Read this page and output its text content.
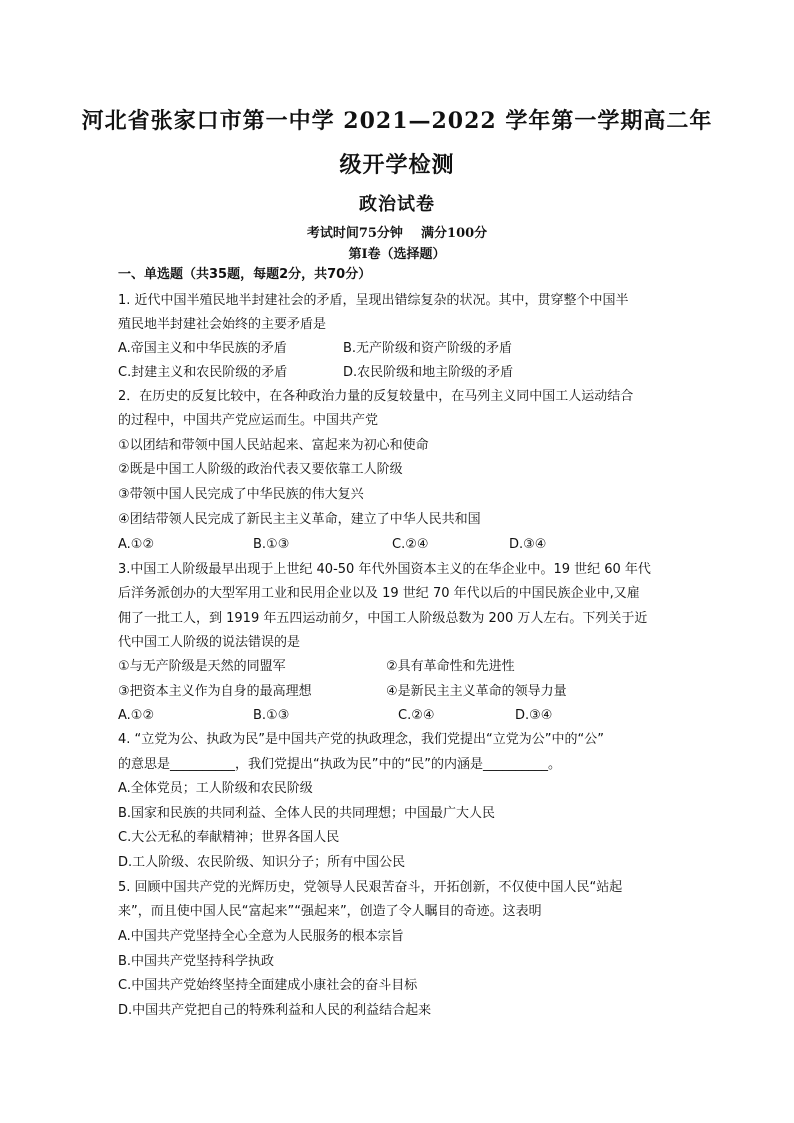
河北省张家口市第一中学 2021—2022 学年第一学期高二年
级开学检测
政治试卷
考试时间75分钟    满分100分
第Ⅰ卷（选择题）
一、单选题（共35题，每题2分，共70分）
1. 近代中国半殖民地半封建社会的矛盾，呈现出错综复杂的状况。其中，贯穿整个中国半
殖民地半封建社会始终的主要矛盾是
A.帝国主义和中华民族的矛盾	B.无产阶级和资产阶级的矛盾
C.封建主义和农民阶级的矛盾	D.农民阶级和地主阶级的矛盾
2．在历史的反复比较中，在各种政治力量的反复较量中，在马列主义同中国工人运动结合
的过程中，中国共产党应运而生。中国共产党
①以团结和带领中国人民站起来、富起来为初心和使命
②既是中国工人阶级的政治代表又要依靠工人阶级
③带领中国人民完成了中华民族的伟大复兴
④团结带领人民完成了新民主主义革命，建立了中华人民共和国
A.①②	B.①③	C.②④	D.③④
3.中国工人阶级最早出现于上世纪 40-50 年代外国资本主义的在华企业中。19 世纪 60 年代
后洋务派创办的大型军用工业和民用企业以及 19 世纪 70 年代以后的中国民族企业中,又雇
佣了一批工人，到 1919 年五四运动前夕，中国工人阶级总数为 200 万人左右。下列关于近
代中国工人阶级的说法错误的是
①与无产阶级是天然的同盟军	②具有革命性和先进性
③把资本主义作为自身的最高理想	④是新民主主义革命的领导力量
A.①②	B.①③	C.②④	D.③④
4. “立党为公、执政为民”是中国共产党的执政理念，我们党提出“立党为公”中的“公”
的意思是__________，我们党提出“执政为民”中的“民”的内涵是__________。
A.全体党员；工人阶级和农民阶级
B.国家和民族的共同利益、全体人民的共同理想；中国最广大人民
C.大公无私的奉献精神；世界各国人民
D.工人阶级、农民阶级、知识分子；所有中国公民
5. 回顾中国共产党的光辉历史，党领导人民艰苦奋斗，开拓创新，不仅使中国人民“站起
来”，而且使中国人民“富起来”“强起来”，创造了令人瞩目的奇迹。这表明
A.中国共产党坚持全心全意为人民服务的根本宗旨
B.中国共产党坚持科学执政
C.中国共产党始终坚持全面建成小康社会的奋斗目标
D.中国共产党把自己的特殊利益和人民的利益结合起来
